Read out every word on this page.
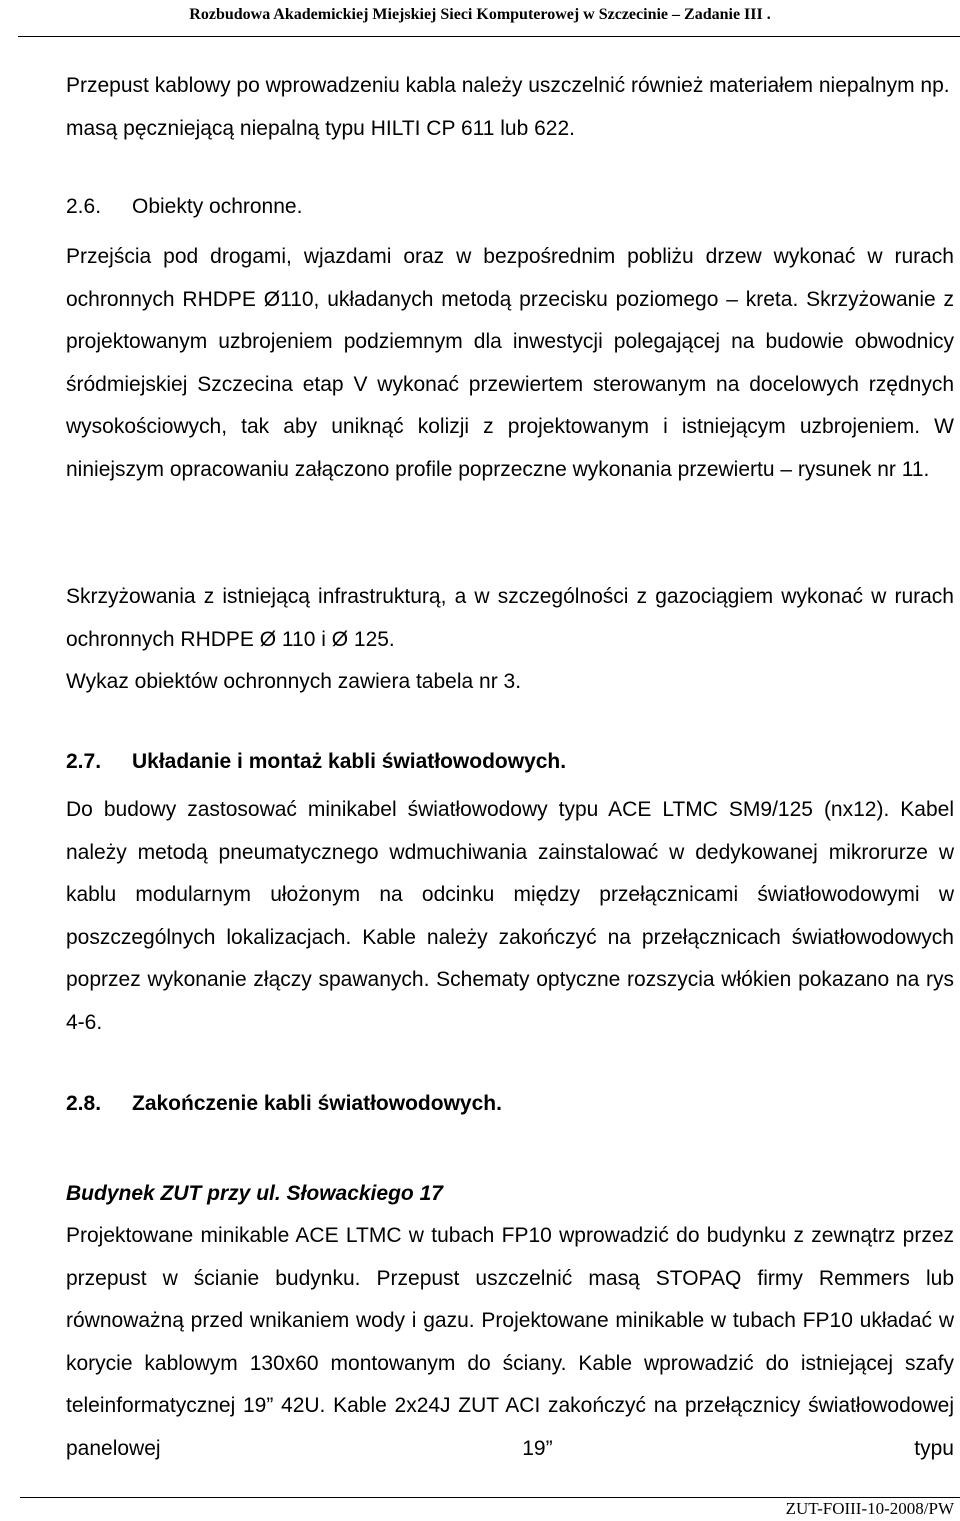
Rozbudowa Akademickiej Miejskiej Sieci Komputerowej w Szczecinie – Zadanie III .
Przepust kablowy po wprowadzeniu kabla należy uszczelnić również materiałem niepalnym np. masą pęczniejącą niepalną typu HILTI CP 611 lub 622.
2.6. Obiekty ochronne.
Przejścia pod drogami, wjazdami oraz w bezpośrednim pobliżu drzew wykonać w rurach ochronnych RHDPE Ø110, układanych metodą przecisku poziomego – kreta. Skrzyżowanie z projektowanym uzbrojeniem podziemnym dla inwestycji polegającej na budowie obwodnicy śródmiejskiej Szczecina etap V wykonać przewiertem sterowanym na docelowych rzędnych wysokościowych, tak aby uniknąć kolizji z projektowanym i istniejącym uzbrojeniem. W niniejszym opracowaniu załączono profile poprzeczne wykonania przewiertu – rysunek nr 11.
Skrzyżowania z istniejącą infrastrukturą, a w szczególności z gazociągiem wykonać w rurach ochronnych RHDPE Ø 110 i Ø 125.
Wykaz obiektów ochronnych zawiera tabela nr 3.
2.7. Układanie i montaż kabli światłowodowych.
Do budowy zastosować minikabel światłowodowy typu ACE LTMC SM9/125 (nx12). Kabel należy metodą pneumatycznego wdmuchiwania zainstalować w dedykowanej mikrorurze w kablu modularnym ułożonym na odcinku między przełącznicami światłowodowymi w poszczególnych lokalizacjach. Kable należy zakończyć na przełącznicach światłowodowych poprzez wykonanie złączy spawanych. Schematy optyczne rozszycia włókien pokazano na rys 4-6.
2.8. Zakończenie kabli światłowodowych.
Budynek ZUT przy ul. Słowackiego 17
Projektowane minikable ACE LTMC w tubach FP10 wprowadzić do budynku z zewnątrz przez przepust w ścianie budynku. Przepust uszczelnić masą STOPAQ firmy Remmers lub równoważną przed wnikaniem wody i gazu. Projektowane minikable w tubach FP10 układać w korycie kablowym 130x60 montowanym do ściany. Kable wprowadzić do istniejącej szafy teleinformatycznej 19” 42U. Kable 2x24J ZUT ACI zakończyć na przełącznicy światłowodowej panelowej 19” typu
ZUT-FOIII-10-2008/PW
